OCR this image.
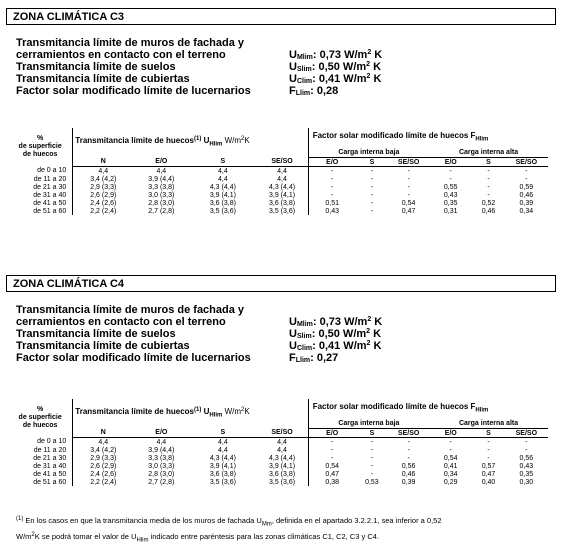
ZONA CLIMÁTICA C3
Transmitancia límite de muros de fachada y
cerramientos en contacto con el terreno	$U_{Mlim}$: 0,73 $W/m^2$ K
Transmitancia límite de suelos	$U_{Slim}$: 0,50 $W/m^2$ K
Transmitancia límite de cubiertas	$U_{Clim}$: 0,41 $W/m^2$ K
Factor solar modificado límite de lucernarios	$F_{Llim}$: 0,28
%
de superficie
de huecos	Transmitancia límite de huecos$^{(1)}$ $U_{Hlim}$ $W/m^2K$				Factor solar modificado límite de huecos $F_{Hlim}$
					Carga interna baja			Carga interna alta		
	N	E/O	S	SE/SO	E/O	S	SE/SO	E/O	S	SE/SO
de 0 a 10	4,4	4,4	4,4	4,4	-	-	-	-	-	-
de 11 a 20	3,4 (4,2)	3,9 (4,4)	4,4	4,4	-	-	-	-	-	-
de 21 a 30	2,9 (3,3)	3,3 (3,8)	4,3 (4,4)	4,3 (4,4)	-	-	-	0,55	-	0,59
de 31 a 40	2,6 (2,9)	3,0 (3,3)	3,9 (4,1)	3,9 (4,1)	-	-	-	0,43	-	0,46
de 41 a 50	2,4 (2,6)	2,8 (3,0)	3,6 (3,8)	3,6 (3,8)	0,51	-	0,54	0,35	0,52	0,39
de 51 a 60	2,2 (2,4)	2,7 (2,8)	3,5 (3,6)	3,5 (3,6)	0,43	-	0,47	0,31	0,46	0,34
ZONA CLIMÁTICA C4
Transmitancia límite de muros de fachada y
cerramientos en contacto con el terreno	$U_{Mlim}$: 0,73 $W/m^2$ K
Transmitancia límite de suelos	$U_{Slim}$: 0,50 $W/m^2$ K
Transmitancia límite de cubiertas	$U_{Clim}$: 0,41 $W/m^2$ K
Factor solar modificado límite de lucernarios	$F_{Llim}$: 0,27
%
de superficie
de huecos	Transmitancia límite de huecos$^{(1)}$ $U_{Hlim}$ $W/m^2K$				Factor solar modificado límite de huecos $F_{Hlim}$
					Carga interna baja			Carga interna alta		
	N	E/O	S	SE/SO	E/O	S	SE/SO	E/O	S	SE/SO
de 0 a 10	4,4	4,4	4,4	4,4	-	-	-	-	-	-
de 11 a 20	3,4 (4,2)	3,9 (4,4)	4,4	4,4	-	-	-	-	-	-
de 21 a 30	2,9 (3,3)	3,3 (3,8)	4,3 (4,4)	4,3 (4,4)	-	-	-	0,54	-	0,56
de 31 a 40	2,6 (2,9)	3,0 (3,3)	3,9 (4,1)	3,9 (4,1)	0,54	-	0,56	0,41	0,57	0,43
de 41 a 50	2,4 (2,6)	2,8 (3,0)	3,6 (3,8)	3,6 (3,8)	0,47	-	0,46	0,34	0,47	0,35
de 51 a 60	2,2 (2,4)	2,7 (2,8)	3,5 (3,6)	3,5 (3,6)	0,38	0,53	0,39	0,29	0,40	0,30
$^{(1)}$ En los casos en que la transmitancia media de los muros de fachada $U_{Mm}$, definida en el apartado 3.2.2.1, sea inferior a 0,52
$W/m^2K$ se podrá tomar el valor de $U_{Hlim}$ indicado entre paréntesis para las zonas climáticas C1, C2, C3 y C4.
